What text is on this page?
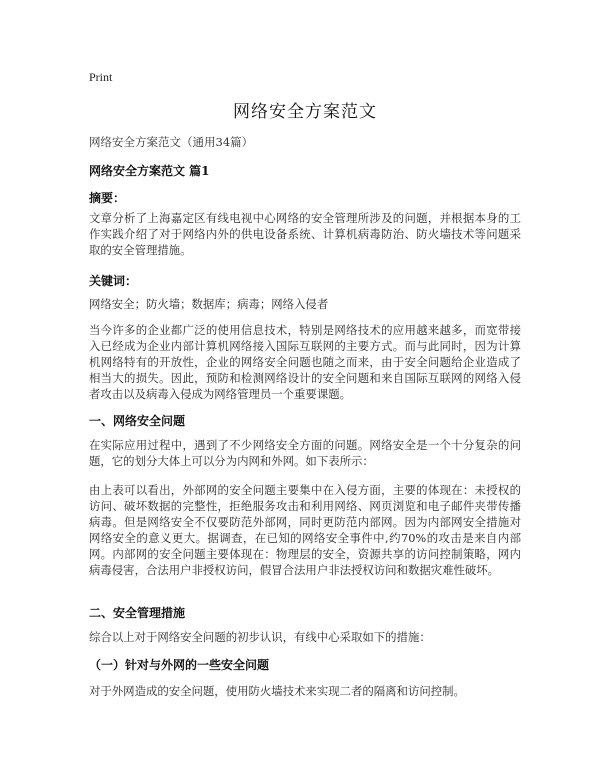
Print
网络安全方案范文
网络安全方案范文（通用34篇）
网络安全方案范文 篇1
摘要：
文章分析了上海嘉定区有线电视中心网络的安全管理所涉及的问题，并根据本身的工作实践介绍了对于网络内外的供电设备系统、计算机病毒防治、防火墙技术等问题采取的安全管理措施。
关键词：
网络安全；防火墙；数据库；病毒；网络入侵者
当今许多的企业都广泛的使用信息技术，特别是网络技术的应用越来越多，而宽带接入已经成为企业内部计算机网络接入国际互联网的主要方式。而与此同时，因为计算机网络特有的开放性，企业的网络安全问题也随之而来，由于安全问题给企业造成了相当大的损失。因此，预防和检测网络设计的安全问题和来自国际互联网的网络入侵者攻击以及病毒入侵成为网络管理员一个重要课题。
一、网络安全问题
在实际应用过程中，遇到了不少网络安全方面的问题。网络安全是一个十分复杂的问题，它的划分大体上可以分为内网和外网。如下表所示：
由上表可以看出，外部网的安全问题主要集中在入侵方面，主要的体现在：未授权的访问、破坏数据的完整性，拒绝服务攻击和利用网络、网页浏览和电子邮件夹带传播病毒。但是网络安全不仅要防范外部网，同时更防范内部网。因为内部网安全措施对网络安全的意义更大。据调查，在已知的网络安全事件中,约70%的攻击是来自内部网。内部网的安全问题主要体现在：物理层的安全，资源共享的访问控制策略，网内病毒侵害，合法用户非授权访问，假冒合法用户非法授权访问和数据灾难性破坏。
二、安全管理措施
综合以上对于网络安全问题的初步认识，有线中心采取如下的措施：
（一）针对与外网的一些安全问题
对于外网造成的安全问题，使用防火墙技术来实现二者的隔离和访问控制。
